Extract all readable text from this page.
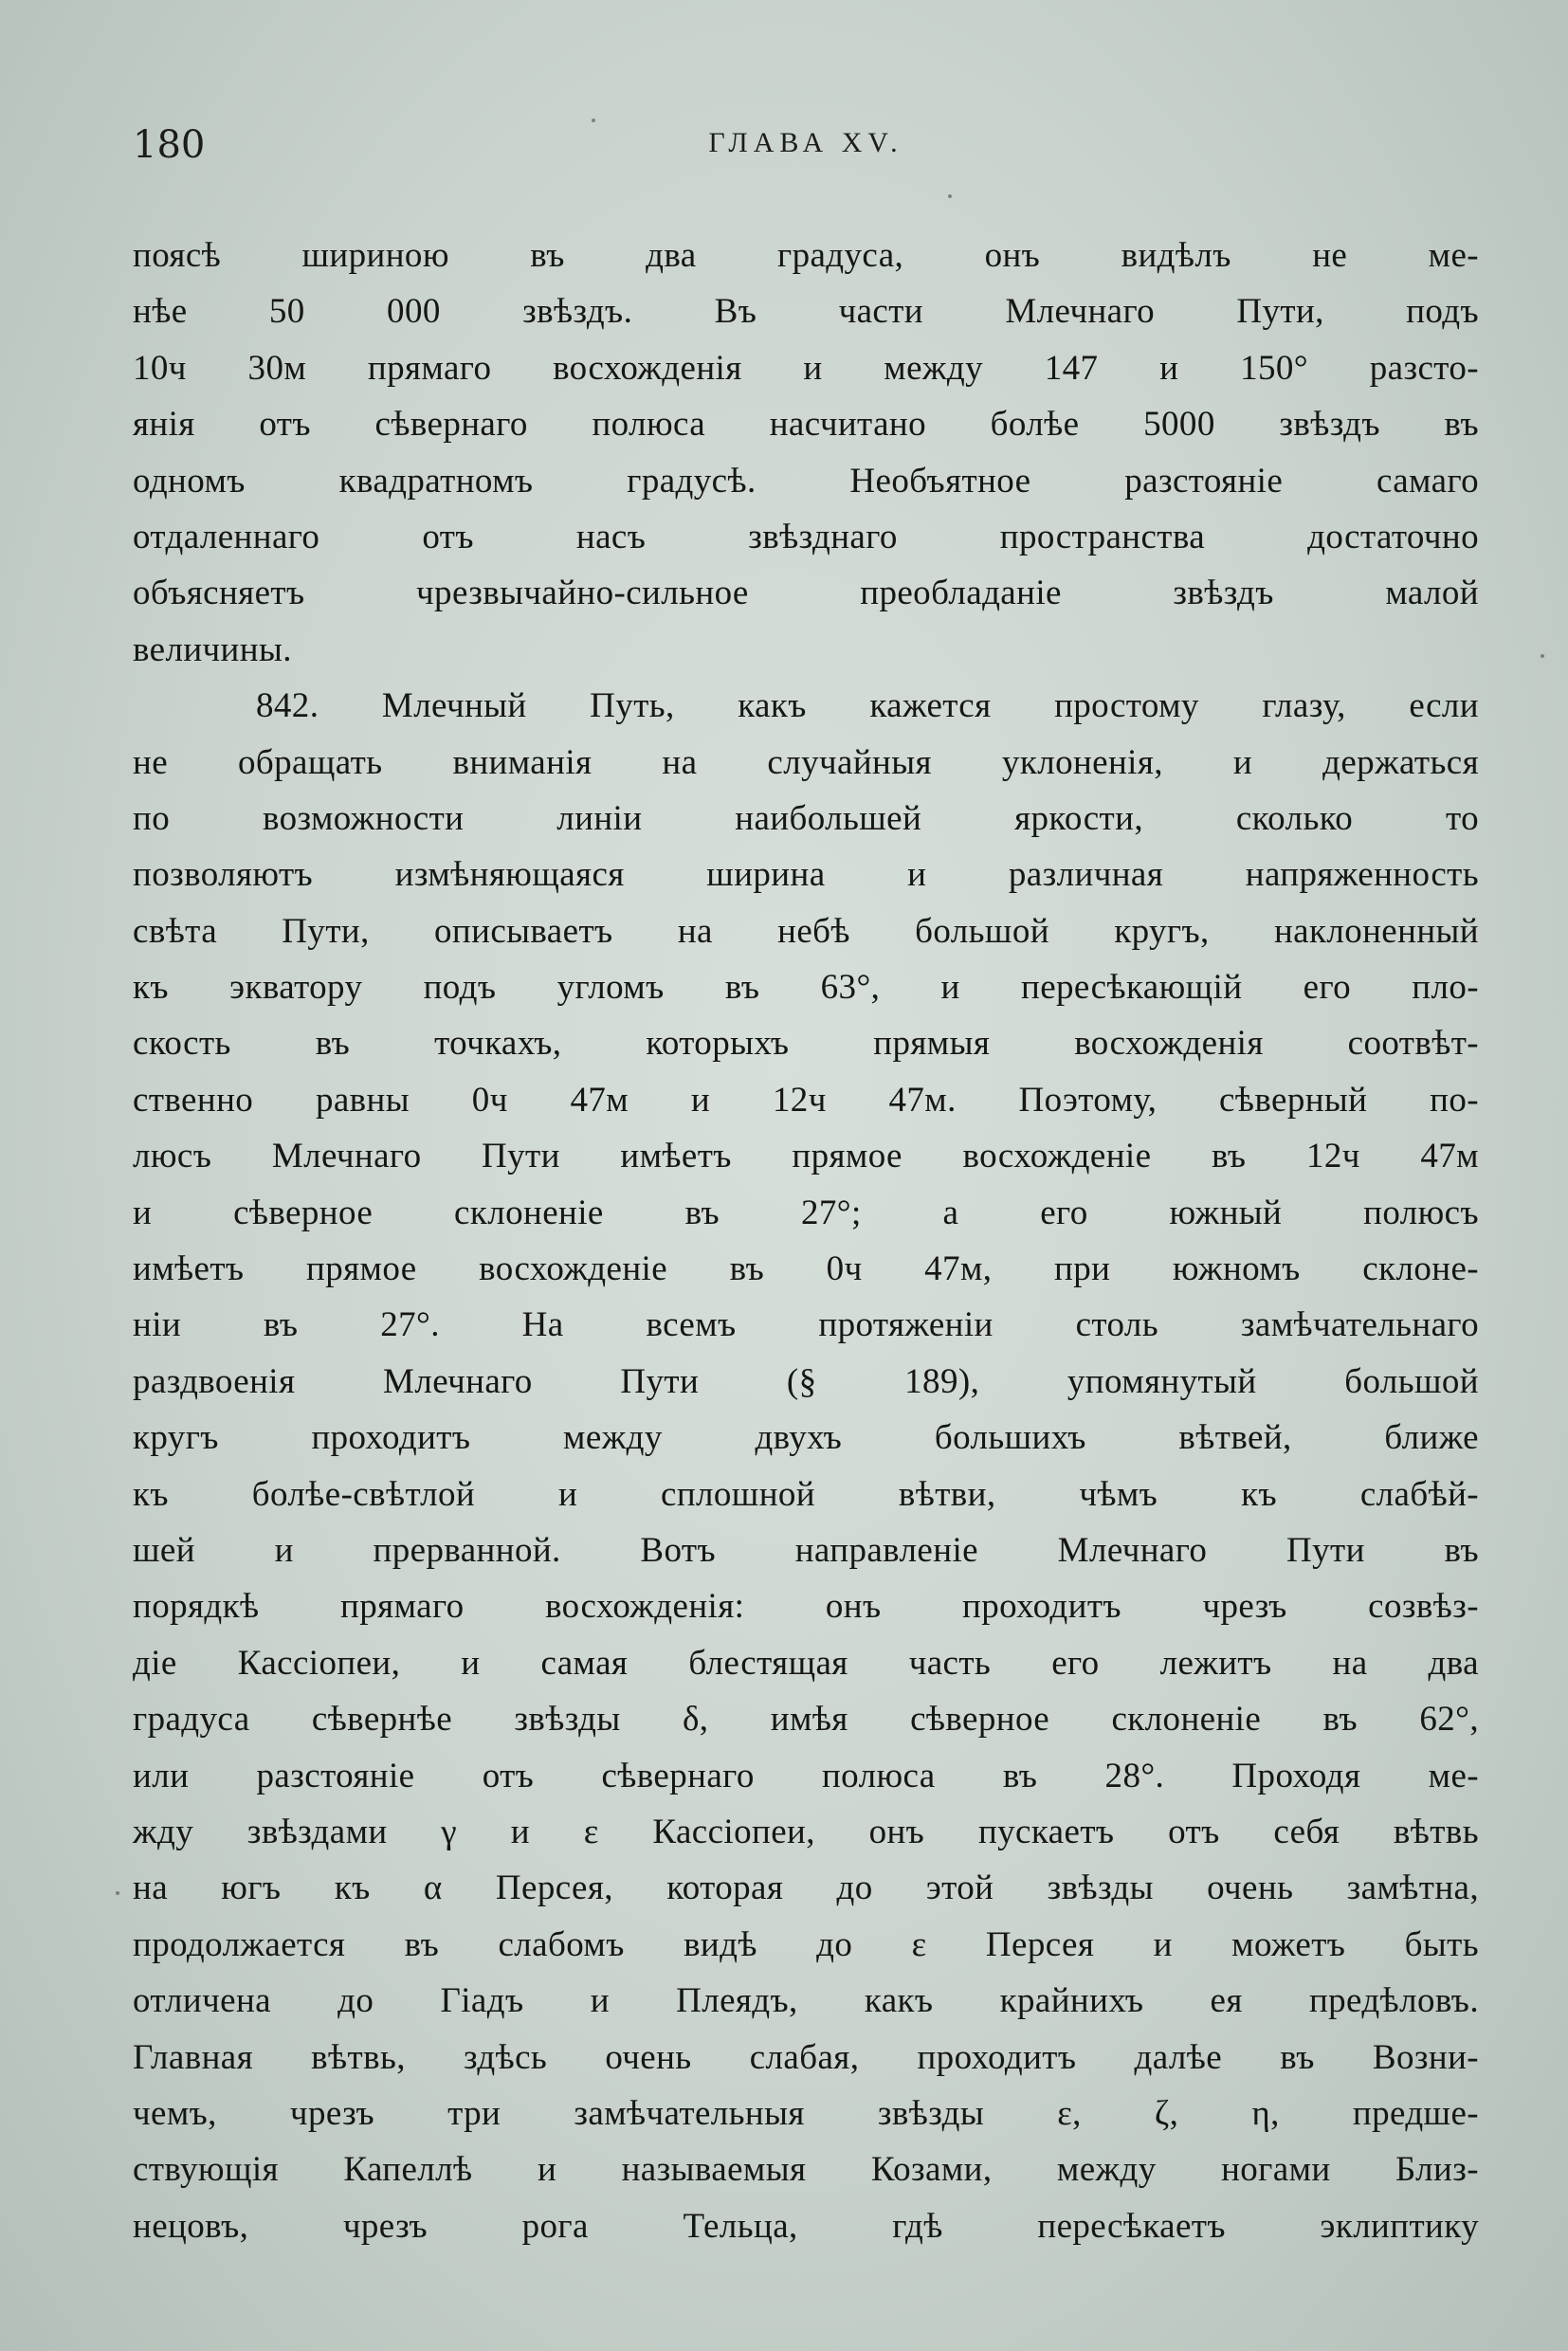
180	ГЛАВА XV.
поясѣ шириною въ два градуса, онъ видѣлъ не ме-
нѣе 50 000 звѣздъ. Въ части Млечнаго Пути, подъ
10ч 30м прямаго восхожденія и между 147 и 150° разсто-
янія отъ сѣвернаго полюса насчитано болѣе 5000 звѣздъ въ
одномъ квадратномъ градусѣ. Необъятное разстояніе самаго
отдаленнаго отъ насъ звѣзднаго пространства достаточно
объясняетъ чрезвычайно-сильное преобладаніе звѣздъ малой
величины.
842. Млечный Путь, какъ кажется простому глазу, если
не обращать вниманія на случайныя уклоненія, и держаться
по возможности линіи наибольшей яркости, сколько то
позволяютъ измѣняющаяся ширина и различная напряженность
свѣта Пути, описываетъ на небѣ большой кругъ, наклоненный
къ экватору подъ угломъ въ 63°, и пересѣкающій его пло-
скость въ точкахъ, которыхъ прямыя восхожденія соотвѣт-
ственно равны 0ч 47м и 12ч 47м. Поэтому, сѣверный по-
люсъ Млечнаго Пути имѣетъ прямое восхожденіе въ 12ч 47м
и сѣверное склоненіе въ 27°; а его южный полюсъ
имѣетъ прямое восхожденіе въ 0ч 47м, при южномъ склоне-
ніи въ 27°. На всемъ протяженіи столь замѣчательнаго
раздвоенія Млечнаго Пути (§ 189), упомянутый большой
кругъ проходитъ между двухъ большихъ вѣтвей, ближе
къ болѣе-свѣтлой и сплошной вѣтви, чѣмъ къ слабѣй-
шей и прерванной. Вотъ направленіе Млечнаго Пути въ
порядкѣ прямаго восхожденія: онъ проходитъ чрезъ созвѣз-
діе Кассіопеи, и самая блестящая часть его лежитъ на два
градуса сѣвернѣе звѣзды δ, имѣя сѣверное склоненіе въ 62°,
или разстояніе отъ сѣвернаго полюса въ 28°. Проходя ме-
жду звѣздами γ и ε Кассіопеи, онъ пускаетъ отъ себя вѣтвь
на югъ къ α Персея, которая до этой звѣзды очень замѣтна,
продолжается въ слабомъ видѣ до ε Персея и можетъ быть
отличена до Гіадъ и Плеядъ, какъ крайнихъ ея предѣловъ.
Главная вѣтвь, здѣсь очень слабая, проходитъ далѣе въ Возни-
чемъ, чрезъ три замѣчательныя звѣзды ε, ζ, η, предше-
ствующія Капеллѣ и называемыя Козами, между ногами Близ-
нецовъ, чрезъ рога Тельца, гдѣ пересѣкаетъ эклиптику
